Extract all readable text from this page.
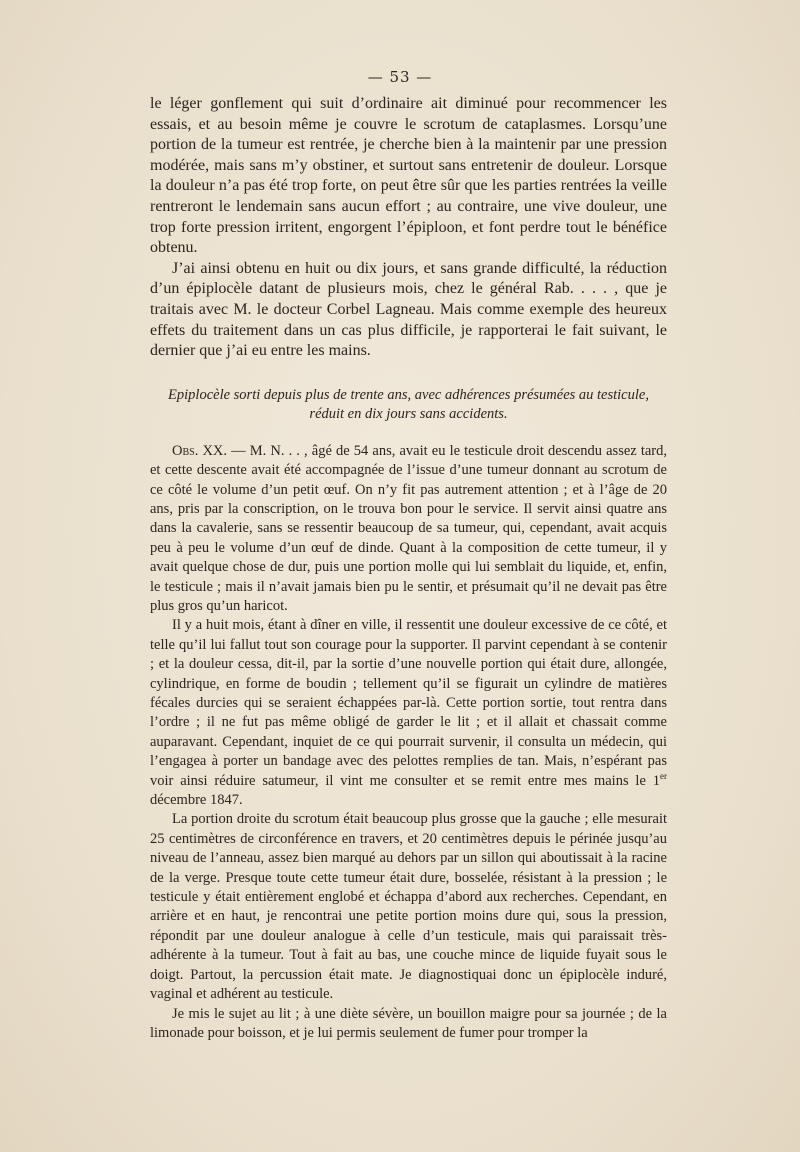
— 53 —

le léger gonflement qui suit d’ordinaire ait diminué pour recommencer les essais, et au besoin même je couvre le scrotum de cataplasmes. Lorsqu’une portion de la tumeur est rentrée, je cherche bien à la maintenir par une pression modérée, mais sans m’y obstiner, et surtout sans entretenir de douleur. Lorsque la douleur n’a pas été trop forte, on peut être sûr que les parties rentrées la veille rentreront le lendemain sans aucun effort ; au contraire, une vive douleur, une trop forte pression irritent, engorgent l’épiploon, et font perdre tout le bénéfice obtenu.

J’ai ainsi obtenu en huit ou dix jours, et sans grande difficulté, la réduction d’un épiplocèle datant de plusieurs mois, chez le général Rab. . . . , que je traitais avec M. le docteur Corbel Lagneau. Mais comme exemple des heureux effets du traitement dans un cas plus difficile, je rapporterai le fait suivant, le dernier que j’ai eu entre les mains.

Epiplocèle sorti depuis plus de trente ans, avec adhérences présumées au testicule,
réduit en dix jours sans accidents.

Obs. XX. — M. N. . . , âgé de 54 ans, avait eu le testicule droit descendu assez tard, et cette descente avait été accompagnée de l’issue d’une tumeur donnant au scrotum de ce côté le volume d’un petit œuf. On n’y fit pas autrement attention ; et à l’âge de 20 ans, pris par la conscription, on le trouva bon pour le service. Il servit ainsi quatre ans dans la cavalerie, sans se ressentir beaucoup de sa tumeur, qui, cependant, avait acquis peu à peu le volume d’un œuf de dinde. Quant à la composition de cette tumeur, il y avait quelque chose de dur, puis une portion molle qui lui semblait du liquide, et, enfin, le testicule ; mais il n’avait jamais bien pu le sentir, et présumait qu’il ne devait pas être plus gros qu’un haricot.

Il y a huit mois, étant à dîner en ville, il ressentit une douleur excessive de ce côté, et telle qu’il lui fallut tout son courage pour la supporter. Il parvint cependant à se contenir ; et la douleur cessa, dit-il, par la sortie d’une nouvelle portion qui était dure, allongée, cylindrique, en forme de boudin ; tellement qu’il se figurait un cylindre de matières fécales durcies qui se seraient échappées par-là. Cette portion sortie, tout rentra dans l’ordre ; il ne fut pas même obligé de garder le lit ; et il allait et chassait comme auparavant. Cependant, inquiet de ce qui pourrait survenir, il consulta un médecin, qui l’engagea à porter un bandage avec des pelottes remplies de tan. Mais, n’espérant pas voir ainsi réduire satumeur, il vint me consulter et se remit entre mes mains le 1er décembre 1847.

La portion droite du scrotum était beaucoup plus grosse que la gauche ; elle mesurait 25 centimètres de circonférence en travers, et 20 centimètres depuis le périnée jusqu’au niveau de l’anneau, assez bien marqué au dehors par un sillon qui aboutissait à la racine de la verge. Presque toute cette tumeur était dure, bosselée, résistant à la pression ; le testicule y était entièrement englobé et échappa d’abord aux recherches. Cependant, en arrière et en haut, je rencontrai une petite portion moins dure qui, sous la pression, répondit par une douleur analogue à celle d’un testicule, mais qui paraissait très-adhérente à la tumeur. Tout à fait au bas, une couche mince de liquide fuyait sous le doigt. Partout, la percussion était mate. Je diagnostiquai donc un épiplocèle induré, vaginal et adhérent au testicule.

Je mis le sujet au lit ; à une diète sévère, un bouillon maigre pour sa journée ; de la limonade pour boisson, et je lui permis seulement de fumer pour tromper la
